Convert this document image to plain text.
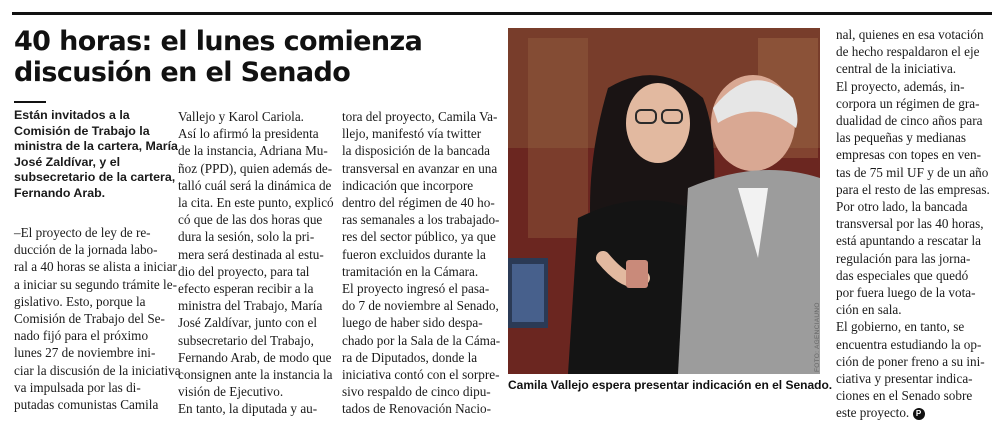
40 horas: el lunes comienza
discusión en el Senado

Están invitados a la

Comisión de Trabajo la

ministra de la cartera, María

José Zaldívar, y el

subsecretario de la cartera,

Fernando Arab.

–El proyecto de ley de re-

ducción de la jornada labo-

ral a 40 horas se alista a iniciar

a iniciar su segundo trámite le-

gislativo. Esto, porque la

Comisión de Trabajo del Se-

nado fijó para el próximo

lunes 27 de noviembre ini-

ciar la discusión de la iniciativa

va impulsada por las di-

putadas comunistas Camila

Vallejo y Karol Cariola.

Así lo afirmó la presidenta

de la instancia, Adriana Mu-

ñoz (PPD), quien además de-

talló cuál será la dinámica de

la cita. En este punto, explicó

có que de las dos horas que

dura la sesión, solo la pri-

mera será destinada al estu-

dio del proyecto, para tal

efecto esperan recibir a la

ministra del Trabajo, María

José Zaldívar, junto con el

subsecretario del Trabajo,

Fernando Arab, de modo que

consignen ante la instancia la

visión de Ejecutivo.

En tanto, la diputada y au-

tora del proyecto, Camila Va-

llejo, manifestó vía twitter

la disposición de la bancada

transversal en avanzar en una

indicación que incorpore

dentro del régimen de 40 ho-

ras semanales a los trabajado-

res del sector público, ya que

fueron excluidos durante la

tramitación en la Cámara.

El proyecto ingresó el pasa-

do 7 de noviembre al Senado,

luego de haber sido despa-

chado por la Sala de la Cáma-

ra de Diputados, donde la

iniciativa contó con el sorpre-

sivo respaldo de cinco dipu-

tados de Renovación Nacio-

FOTO: AGENCIAUNO

Camila Vallejo espera presentar indicación en el Senado.

nal, quienes en esa votación

de hecho respaldaron el eje

central de la iniciativa.

El proyecto, además, in-

corpora un régimen de gra-

dualidad de cinco años para

las pequeñas y medianas

empresas con topes en ven-

tas de 75 mil UF y de un año

para el resto de las empresas.

Por otro lado, la bancada

transversal por las 40 horas,

está apuntando a rescatar la

regulación para las jorna-

das especiales que quedó

por fuera luego de la vota-

ción en sala.

El gobierno, en tanto, se

encuentra estudiando la op-

ción de poner freno a su ini-

ciativa y presentar indica-

ciones en el Senado sobre

este proyecto. P
